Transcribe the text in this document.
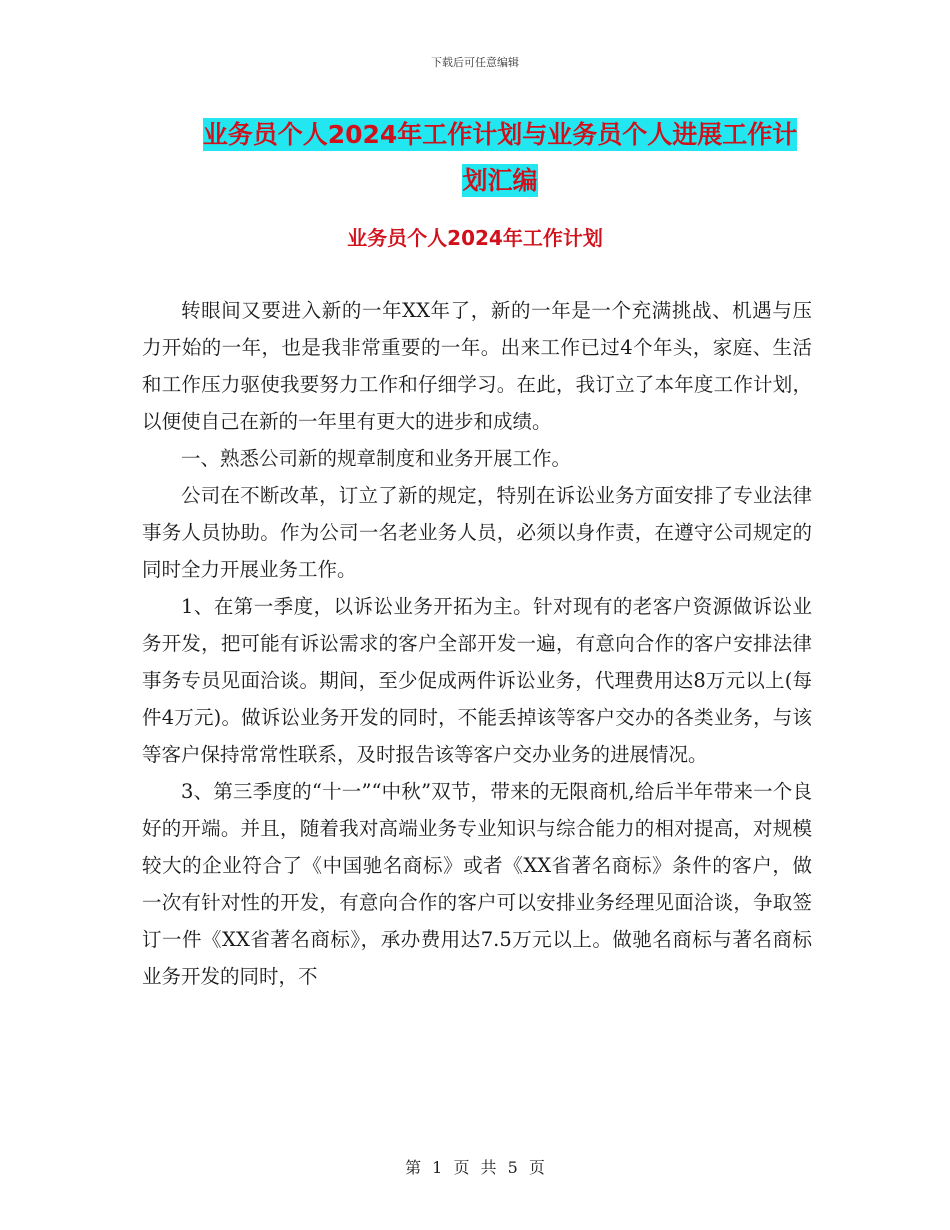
下载后可任意编辑
业务员个人2024年工作计划与业务员个人进展工作计
划汇编
业务员个人2024年工作计划

转眼间又要进入新的一年XX年了，新的一年是一个充满挑战、机遇与压力开始的一年，也是我非常重要的一年。出来工作已过4个年头，家庭、生活和工作压力驱使我要努力工作和仔细学习。在此，我订立了本年度工作计划，以便使自己在新的一年里有更大的进步和成绩。

一、熟悉公司新的规章制度和业务开展工作。

公司在不断改革，订立了新的规定，特别在诉讼业务方面安排了专业法律事务人员协助。作为公司一名老业务人员，必须以身作责，在遵守公司规定的同时全力开展业务工作。

1、在第一季度，以诉讼业务开拓为主。针对现有的老客户资源做诉讼业务开发，把可能有诉讼需求的客户全部开发一遍，有意向合作的客户安排法律事务专员见面洽谈。期间，至少促成两件诉讼业务，代理费用达8万元以上(每件4万元)。做诉讼业务开发的同时，不能丢掉该等客户交办的各类业务，与该等客户保持常常性联系，及时报告该等客户交办业务的进展情况。

3、第三季度的“十一”“中秋”双节，带来的无限商机,给后半年带来一个良好的开端。并且，随着我对高端业务专业知识与综合能力的相对提高，对规模较大的企业符合了《中国驰名商标》或者《XX省著名商标》条件的客户，做一次有针对性的开发，有意向合作的客户可以安排业务经理见面洽谈，争取签订一件《XX省著名商标》，承办费用达7.5万元以上。做驰名商标与著名商标业务开发的同时，不

第 1 页 共 5 页
